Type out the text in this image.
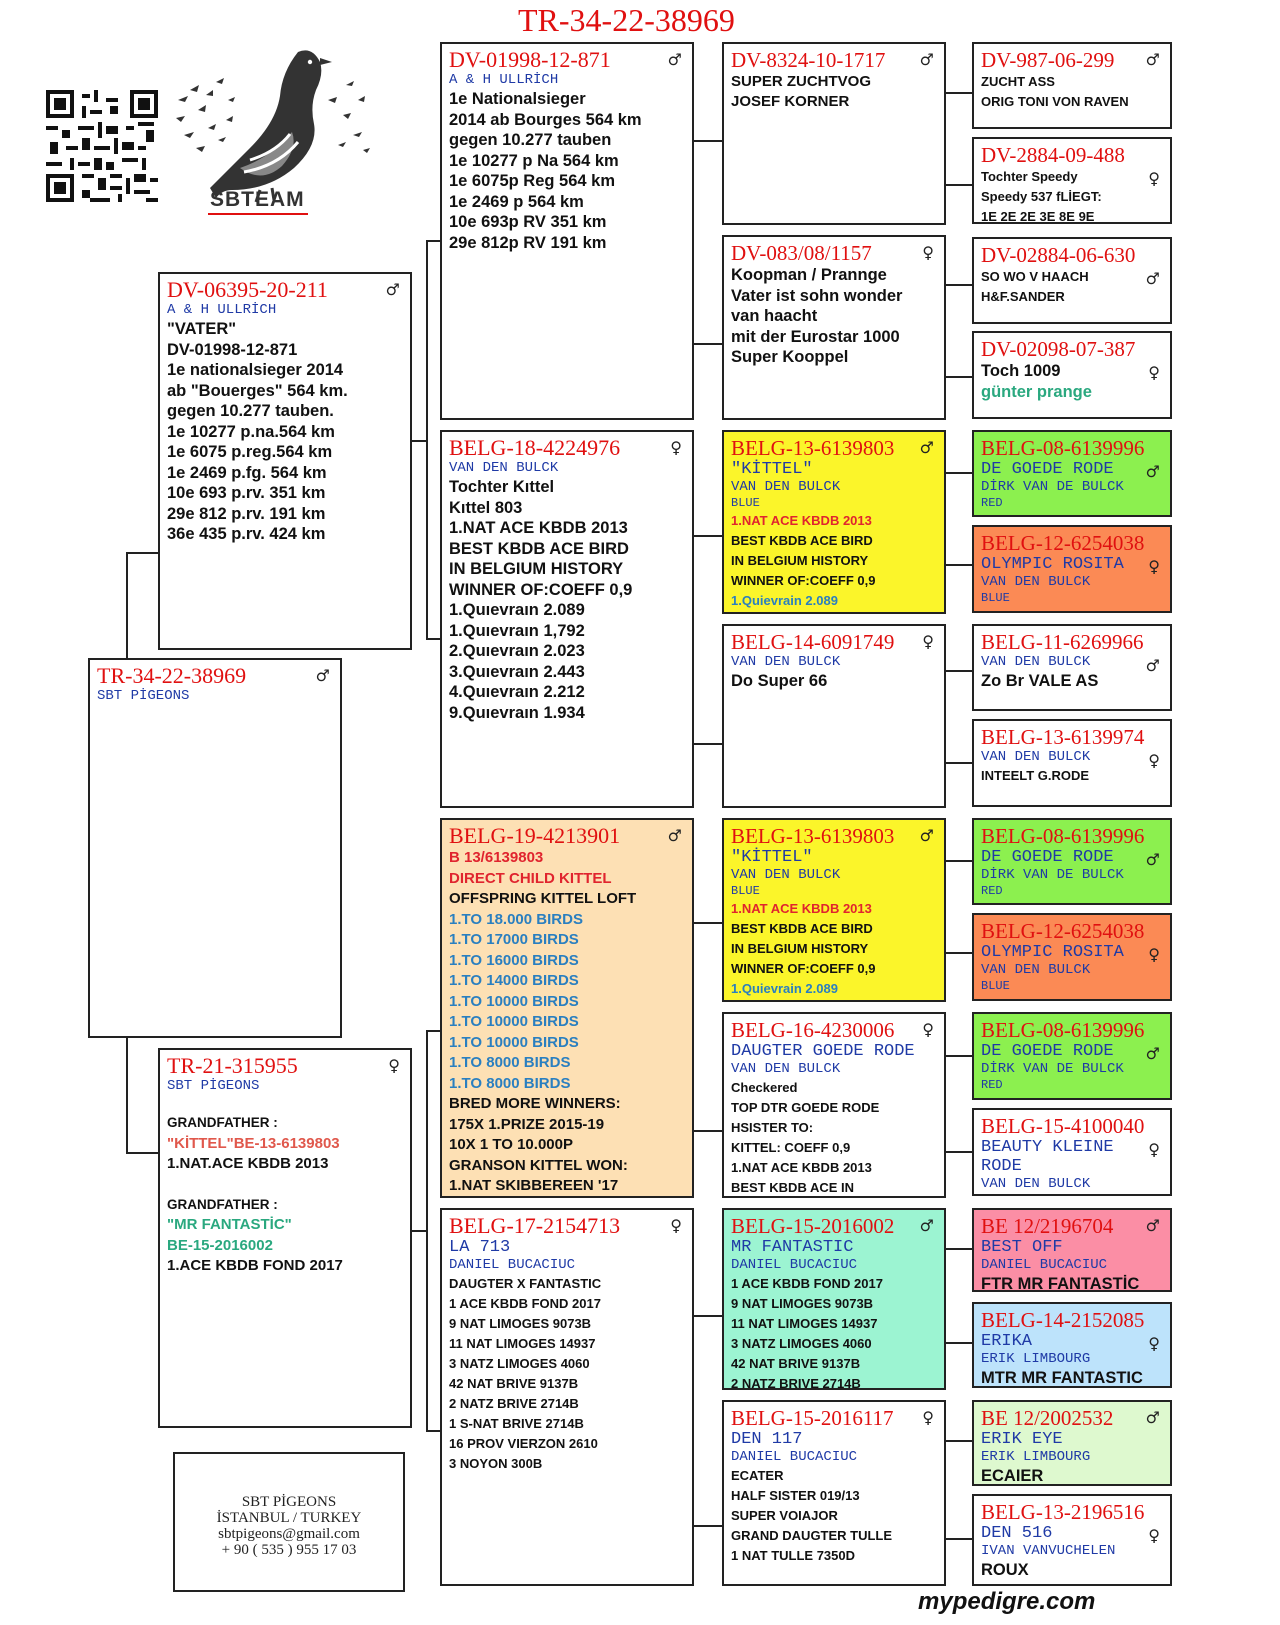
TR-34-22-38969
SBTEAM
TR-34-22-38969	♂
SBT PİGEONS
DV-06395-20-211	♂
A & H ULLRİCH
"VATER"
DV-01998-12-871
1e nationalsieger 2014
ab "Bouerges" 564 km.
gegen 10.277 tauben.
1e 10277 p.na.564 km
1e 6075 p.reg.564 km
1e 2469 p.fg. 564 km
10e 693 p.rv. 351 km
29e 812 p.rv. 191 km
36e 435 p.rv. 424 km
TR-21-315955	♀
SBT PİGEONS
GRANDFATHER :
"KİTTEL"BE-13-6139803
1.NAT.ACE KBDB 2013
GRANDFATHER :
"MR FANTASTİC"
BE-15-2016002
1.ACE KBDB FOND 2017
SBT PİGEONS
İSTANBUL / TURKEY
sbtpigeons@gmail.com
+ 90 ( 535 ) 955 17 03
DV-01998-12-871	♂
A & H ULLRİCH
1e Nationalsieger
2014 ab Bourges 564 km
gegen 10.277 tauben
1e 10277 p Na 564 km
1e 6075p Reg 564 km
1e 2469 p 564 km
10e 693p RV 351 km
29e 812p RV 191 km
BELG-18-4224976	♀
VAN DEN BULCK
Tochter Kıttel
Kıttel 803
1.NAT ACE KBDB 2013
BEST KBDB ACE BIRD
IN BELGIUM HISTORY
WINNER OF:COEFF 0,9
1.Quıevraın 2.089
1.Quıevraın 1,792
2.Quıevraın 2.023
3.Quıevraın 2.443
4.Quıevraın 2.212
9.Quıevraın 1.934
BELG-19-4213901	♂
B 13/6139803
DIRECT CHILD KITTEL
OFFSPRING KITTEL LOFT
1.TO 18.000 BIRDS
1.TO 17000 BIRDS
1.TO 16000 BIRDS
1.TO 14000 BIRDS
1.TO 10000 BIRDS
1.TO 10000 BIRDS
1.TO 10000 BIRDS
1.TO 8000 BIRDS
1.TO 8000 BIRDS
BRED MORE WINNERS:
175X 1.PRIZE 2015-19
10X 1 TO 10.000P
GRANSON KITTEL WON:
1.NAT SKIBBEREEN '17
BELG-17-2154713	♀
LA 713
DANIEL BUCACIUC
DAUGTER X FANTASTIC
1 ACE KBDB FOND 2017
9 NAT LIMOGES 9073B
11 NAT LIMOGES 14937
3 NATZ LIMOGES 4060
42 NAT BRIVE 9137B
2 NATZ BRIVE 2714B
1 S-NAT BRIVE 2714B
16 PROV VIERZON 2610
3 NOYON 300B
DV-8324-10-1717	♂
SUPER ZUCHTVOG
JOSEF KORNER
DV-083/08/1157	♀
Koopman / Prannge
Vater ist sohn wonder
van haacht
mit der Eurostar 1000
Super Kooppel
BELG-13-6139803	♂
"KİTTEL"
VAN DEN BULCK
BLUE
1.NAT ACE KBDB 2013
BEST KBDB ACE BIRD
IN BELGIUM HISTORY
WINNER OF:COEFF 0,9
1.Quievrain 2.089
BELG-14-6091749	♀
VAN DEN BULCK
Do Super 66
BELG-13-6139803	♂
"KİTTEL"
VAN DEN BULCK
BLUE
1.NAT ACE KBDB 2013
BEST KBDB ACE BIRD
IN BELGIUM HISTORY
WINNER OF:COEFF 0,9
1.Quievrain 2.089
BELG-16-4230006	♀
DAUGTER GOEDE RODE
VAN DEN BULCK
Checkered
TOP DTR GOEDE RODE
HSISTER TO:
KITTEL: COEFF 0,9
1.NAT ACE KBDB 2013
BEST KBDB ACE IN
BELG-15-2016002	♂
MR FANTASTIC
DANIEL BUCACIUC
1 ACE KBDB FOND 2017
9 NAT LIMOGES 9073B
11 NAT LIMOGES 14937
3 NATZ LIMOGES 4060
42 NAT BRIVE 9137B
2 NATZ BRIVE 2714B
BELG-15-2016117	♀
DEN 117
DANIEL BUCACIUC
ECATER
HALF SISTER 019/13
SUPER VOIAJOR
GRAND DAUGTER TULLE
1 NAT TULLE 7350D
DV-987-06-299	♂
ZUCHT ASS
ORIG TONI VON RAVEN
DV-2884-09-488
♀
Tochter Speedy
Speedy 537 fLİEGT:
1E 2E 2E 3E 8E 9E
DV-02884-06-630
♂
SO WO V HAACH
H&F.SANDER
DV-02098-07-387
♀
Toch 1009
günter prange
BELG-08-6139996
♂
DE GOEDE RODE
DİRK VAN DE BULCK
RED
BELG-12-6254038
♀
OLYMPIC ROSITA
VAN DEN BULCK
BLUE
BELG-11-6269966
♂
VAN DEN BULCK
Zo Br VALE AS
BELG-13-6139974
♀
VAN DEN BULCK
INTEELT G.RODE
BELG-08-6139996
♂
DE GOEDE RODE
DİRK VAN DE BULCK
RED
BELG-12-6254038
♀
OLYMPIC ROSITA
VAN DEN BULCK
BLUE
BELG-08-6139996
♂
DE GOEDE RODE
DİRK VAN DE BULCK
RED
BELG-15-4100040
♀
BEAUTY KLEINE
RODE
VAN DEN BULCK
BE 12/2196704	♂
BEST OFF
DANIEL BUCACIUC
FTR MR FANTASTİC
BELG-14-2152085
♀
ERIKA
ERIK LIMBOURG
MTR MR FANTASTIC
BE 12/2002532	♂
ERIK EYE
ERIK LIMBOURG
ECAIER
BELG-13-2196516
♀
DEN 516
IVAN VANVUCHELEN
ROUX
mypedigre.com
